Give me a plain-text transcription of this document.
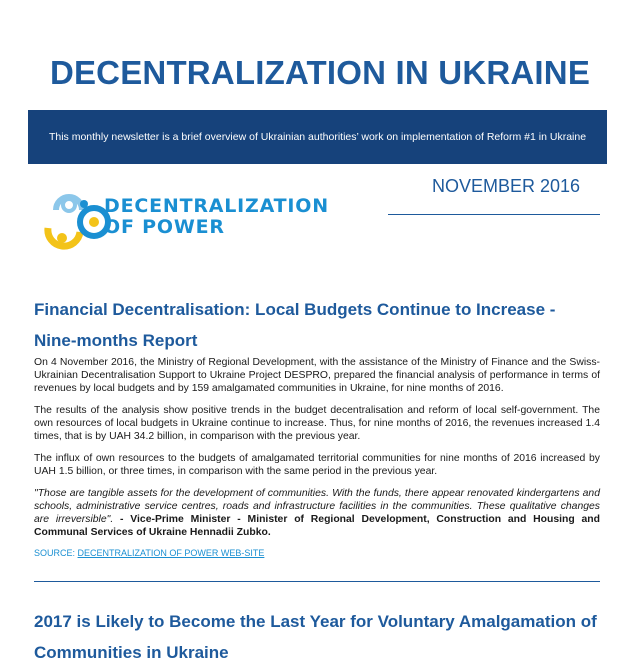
DECENTRALIZATION IN UKRAINE
This monthly newsletter is a brief overview of Ukrainian authorities’ work on implementation of Reform #1 in Ukraine
DECENTRALIZATION
OF POWER
NOVEMBER 2016
Financial Decentralisation: Local Budgets Continue to Increase - Nine-months Report

On 4 November 2016, the Ministry of Regional Development, with the assistance of the Ministry of Finance and the Swiss-Ukrainian Decentralisation Support to Ukraine Project DESPRO, prepared the financial analysis of performance in terms of revenues by local budgets and by 159 amalgamated communities in Ukraine, for nine months of 2016.

The results of the analysis show positive trends in the budget decentralisation and reform of local self-government. The own resources of local budgets in Ukraine continue to increase. Thus, for nine months of 2016, the revenues increased 1.4 times, that is by UAH 34.2 billion, in comparison with the previous year.

The influx of own resources to the budgets of amalgamated territorial communities for nine months of 2016 increased by UAH 1.5 billion, or three times, in comparison with the same period in the previous year.

"Those are tangible assets for the development of communities. With the funds, there appear renovated kindergartens and schools, administrative service centres, roads and infrastructure facilities in the communities. These qualitative changes are irreversible". - Vice-Prime Minister - Minister of Regional Development, Construction and Housing and Communal Services of Ukraine Hennadii Zubko.

SOURCE: DECENTRALIZATION OF POWER WEB-SITE
2017 is Likely to Become the Last Year for Voluntary Amalgamation of Communities in Ukraine
